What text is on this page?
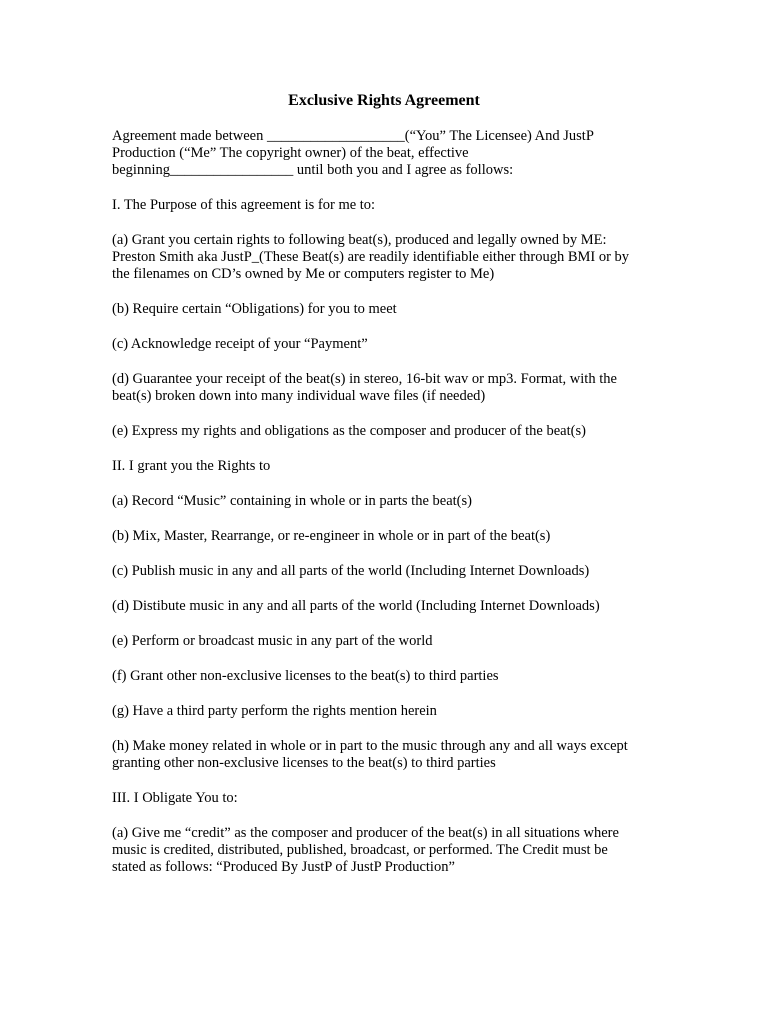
Exclusive Rights Agreement

Agreement made between ___________________(“You” The Licensee) And JustP
Production (“Me” The copyright owner) of the beat, effective
beginning_________________ until both you and I agree as follows:

I. The Purpose of this agreement is for me to:

(a) Grant you certain rights to following beat(s), produced and legally owned by ME:
Preston Smith aka JustP_(These Beat(s) are readily identifiable either through BMI or by
the filenames on CD’s owned by Me or computers register to Me)

(b) Require certain “Obligations) for you to meet

(c) Acknowledge receipt of your “Payment”

(d) Guarantee your receipt of the beat(s) in stereo, 16-bit wav or mp3. Format, with the
beat(s) broken down into many individual wave files (if needed)

(e) Express my rights and obligations as the composer and producer of the beat(s)

II. I grant you the Rights to

(a) Record “Music” containing in whole or in parts the beat(s)

(b) Mix, Master, Rearrange, or re-engineer in whole or in part of the beat(s)

(c) Publish music in any and all parts of the world (Including Internet Downloads)

(d) Distibute music in any and all parts of the world (Including Internet Downloads)

(e) Perform or broadcast music in any part of the world

(f) Grant other non-exclusive licenses to the beat(s) to third parties

(g) Have a third party perform the rights mention herein

(h) Make money related in whole or in part to the music through any and all ways except
granting other non-exclusive licenses to the beat(s) to third parties

III. I Obligate You to:

(a) Give me “credit” as the composer and producer of the beat(s) in all situations where
music is credited, distributed, published, broadcast, or performed. The Credit must be
stated as follows: “Produced By JustP of JustP Production”
